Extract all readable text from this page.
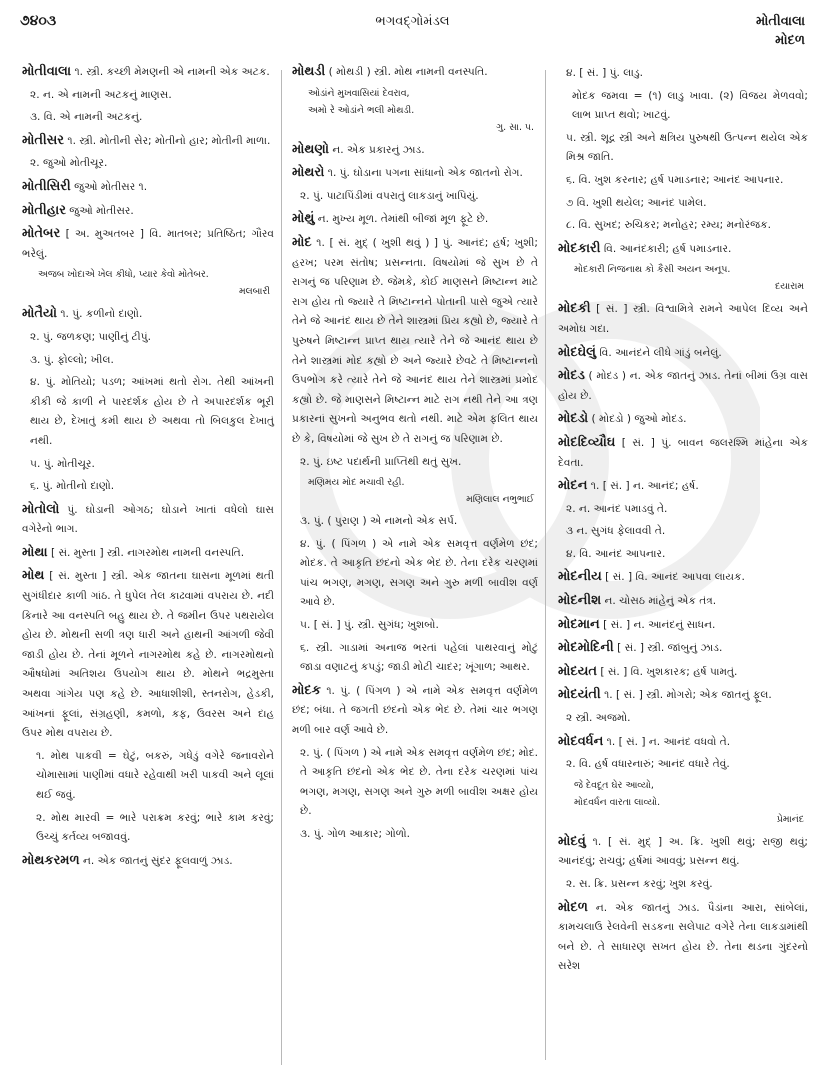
૭૪૦૩	ભગવદ્ગોમંડલ	મોતીવાલા
મોદળ
મોતીવાલા ૧. સ્ત્રી. કચ્છી મેમણની એ નામની એક અટક.
૨. ન. એ નામની અટકનું માણસ.
૩. વિ. એ નામની અટકનું.
મોતીસર ૧. સ્ત્રી. મોતીની સેર; મોતીનો હાર; મોતીની માળા.
૨. જુઓ મોતીચૂર.
મોતીસિરી જુઓ મોતીસર ૧.
મોતીહાર જુઓ મોતીસર.
મોતેબર [ અ. મુઅતબર ] વિ. માતબર; પ્રતિષ્ઠિત; ગૌરવ ભરેલું.
અજબ ખોદાએ ખેલ કીધો, પ્યાર કેવો મોતેબર.
મલબારી
મોતૈયો ૧. પું. કળીનો દાણો.
૨. પું. જળકણ; પાણીનું ટીપું.
૩. પું. ફોલ્લો; ખીલ.
૪. પું. મોતિયો; પડળ; આંખમાં થતો રોગ. તેથી આંખની કીકી જે કાળી ને પારદર્શક હોય છે તે અપારદર્શક ભૂરી થાય છે, દેખાતું કમી થાય છે અથવા તો બિલકુલ દેખાતું નથી.
૫. પું. મોતીચૂર.
૬. પું. મોતીનો દાણો.
મોતોલો પું. ઘોડાની ઓગઠ; ઘોડાને ખાતાં વધેલો ઘાસ વગેરેનો ભાગ.
મોથા [ સં. મુસ્તા ] સ્ત્રી. નાગરમોથ નામની વનસ્પતિ.
મોથ [ સં. મુસ્તા ] સ્ત્રી. એક જાતના ઘાસના મૂળમાં થતી સુગંધીદાર કાળી ગાંઠ. તે ધુપેલ તેલ કાઢવામાં વપરાય છે. નદી કિનારે આ વનસ્પતિ બહુ થાય છે. તે જમીન ઉપર પથરાયેલ હોય છે. મોથની સળી ત્રણ ધારી અને હાથની આંગળી જેવી જાડી હોય છે. તેનાં મૂળને નાગરમોથ કહે છે. નાગરમોથનો ઔષધોમાં અતિશય ઉપયોગ થાય છે. મોથને ભદ્રમુસ્તા અથવા ગાંગેય પણ કહે છે. આધાશીશી, સ્તનરોગ, હેડકી, આંખનાં ફૂલાં, સંગ્રહણી, કમળો, કફ, ઉવરસ અને દાહ ઉપર મોથ વપરાય છે.
૧. મોથ પાકવી = ઘેટું, બકરું, ગધેડું વગેરે જનાવરોને ચોમાસામાં પાણીમાં વધારે રહેવાથી ખરી પાકવી અને લૂલાં થઈ જવું.
૨. મોથ મારવી = ભારે પરાક્રમ કરવું; ભારે કામ કરવું; ઉચ્ચું કર્તવ્ય બજાવવું.
મોથકરમળ ન. એક જાતનું સુંદર ફૂલવાળું ઝાડ.
મોથડી ( મોથડી ) સ્ત્રી. મોથ નામની વનસ્પતિ.
ઓડાંને મુખવાસિયાં દેવરાવ,
અમો રે ઓડાંને ભલી મોથડી.
ગુ. સા. પ.
મોથણો ન. એક પ્રકારનું ઝાડ.
મોથરો ૧. પું. ઘોડાના પગના સાંધાનો એક જાતનો રોગ.
૨. પું. પાટાપિંડીમાં વપરાતું લાકડાનું ખાપિયું.
મોથું ન. મુખ્ય મૂળ. તેમાંથી બીજાં મૂળ ફૂટે છે.
મોદ ૧. [ સં. મુદ્ ( ખુશી થવું ) ] પું. આનંદ; હર્ષ; ખુશી; હરખ; પરમ સંતોષ; પ્રસન્નતા. વિષયોમાં જે સુખ છે તે રાગનું જ પરિણામ છે. જેમકે, કોઈ માણસને મિષ્ટાન્ન માટે રાગ હોય તો જ્યારે તે મિષ્ટાન્નને પોતાની પાસે જુએ ત્યારે તેને જે આનંદ થાય છે તેને શાસ્ત્રમાં પ્રિય કહ્યો છે, જ્યારે તે પુરુષને મિષ્ટાન્ન પ્રાપ્ત થાય ત્યારે તેને જે આનંદ થાય છે તેને શાસ્ત્રમાં મોદ કહ્યો છે અને જ્યારે છેવટે તે મિષ્ટાન્નનો ઉપભોગ કરે ત્યારે તેને જે આનંદ થાય તેને શાસ્ત્રમાં પ્રમોદ કહ્યો છે. જે માણસને મિષ્ટાન્ન માટે રાગ નથી તેને આ ત્રણ પ્રકારનાં સુખનો અનુભવ થતો નથી. માટે એમ ફલિત થાય છે કે, વિષયોમાં જે સુખ છે તે રાગનું જ પરિણામ છે.
૨. પું. ઇષ્ટ પદાર્થની પ્રાપ્તિથી થતું સુખ.
મણિમય મોદ મચાવી રહી.
મણિલાલ નભુભાઈ
૩. પું. ( પુરાણ ) એ નામનો એક સર્પ.
૪. પું. ( પિંગળ ) એ નામે એક સમવૃત્ત વર્ણમેળ છંદ; મોદક. તે આકૃતિ છંદનો એક ભેદ છે. તેના દરેક ચરણમાં પાંચ ભગણ, મગણ, સગણ અને ગુરુ મળી બાવીશ વર્ણ આવે છે.
૫. [ સં. ] પું. સ્ત્રી. સુગંધ; ખુશબો.
૬. સ્ત્રી. ગાડામાં અનાજ ભરતાં પહેલાં પાથરવાનું મોટું જાડા વણાટનું કપડું; જાડી મોટી ચાદર; ખૂંગાળ; આથર.
મોદક ૧. પું. ( પિંગળ ) એ નામે એક સમવૃત્ત વર્ણમેળ છંદ; બંધા. તે જગતી છંદનો એક ભેદ છે. તેમાં ચાર ભગણ મળી બાર વર્ણ આવે છે.
૨. પું. ( પિંગળ ) એ નામે એક સમવૃત્ત વર્ણમેળ છંદ; મોદ. તે આકૃતિ છંદનો એક ભેદ છે. તેના દરેક ચરણમાં પાંચ ભગણ, મગણ, સગણ અને ગુરુ મળી બાવીશ અક્ષર હોય છે.
૩. પું. ગોળ આકાર; ગોળો.
૪. [ સં. ] પું. લાડુ.
મોદક જમવા = (૧) લાડુ ખાવા. (૨) વિજય મેળવવો; લાભ પ્રાપ્ત થવો; ખાટવું.
૫. સ્ત્રી. શૂદ્ર સ્ત્રી અને ક્ષત્રિય પુરુષથી ઉત્પન્ન થયેલ એક મિશ્ર જાતિ.
૬. વિ. ખુશ કરનાર; હર્ષ પમાડનાર; આનંદ આપનાર.
૭ વિ. ખુશી થયેલ; આનંદ પામેલ.
૮. વિ. સુખદ; રુચિકર; મનોહર; રમ્ય; મનોરંજક.
મોદકારી વિ. આનંદકારી; હર્ષ પમાડનાર.
મોદકારી નિજનાથ કો કૈસી અયન અનૂપ.
દયારામ
મોદકી [ સં. ] સ્ત્રી. વિશ્વામિત્રે રામને આપેલ દિવ્ય અને અમોઘ ગદા.
મોદઘેલું વિ. આનંદને લીધે ગાંડું બનેલું.
મોદડ ( મોદડ ) ન. એક જાતનું ઝાડ. તેનાં બીમાં ઉગ્ર વાસ હોય છે.
મોદડો ( મોદડો ) જુઓ મોદડ.
મોદદિવ્યૌઘ [ સં. ] પું. બાવન જલરશ્મિ માંહેના એક દેવતા.
મોદન ૧. [ સં. ] ન. આનંદ; હર્ષ.
૨. ન. આનંદ પમાડવું તે.
૩ ન. સુગંધ ફેલાવવી તે.
૪. વિ. આનંદ આપનાર.
મોદનીય [ સં. ] વિ. આનંદ આપવા લાયક.
મોદનીશ ન. ચોસઠ માંહેનું એક તંત્ર.
મોદમાન [ સં. ] ન. આનંદનું સાધન.
મોદમોદિની [ સં. ] સ્ત્રી. જાંબુનું ઝાડ.
મોદયત [ સં. ] વિ. ખુશકારક; હર્ષ પામતું.
મોદયંતી ૧. [ સં. ] સ્ત્રી. મોગરો; એક જાતનું ફૂલ.
૨ સ્ત્રી. અજમો.
મોદવર્ધન ૧. [ સં. ] ન. આનંદ વધવો તે.
૨. વિ. હર્ષ વધારનારું; આનંદ વધારે તેવું.
જે દેવદૂત ઘેર આવ્યો,
મોદવર્ધન વારતા લાવ્યો.
પ્રેમાનંદ
મોદવું ૧. [ સં. મુદ્ ] અ. ક્રિ. ખુશી થવું; રાજી થવું; આનંદવું; રાચવું; હર્ષમાં આવવું; પ્રસન્ન થવું.
૨. સ. ક્રિ. પ્રસન્ન કરવું; ખુશ કરવું.
મોદળ ન. એક જાતનું ઝાડ. પૈડાંના આરા, સાંબેલાં, કામચલાઉ રેલવેની સડકના સલેપાટ વગેરે તેના લાકડામાંથી બને છે. તે સાધારણ સખત હોય છે. તેના થડના ગુંદરનો સરેશ
